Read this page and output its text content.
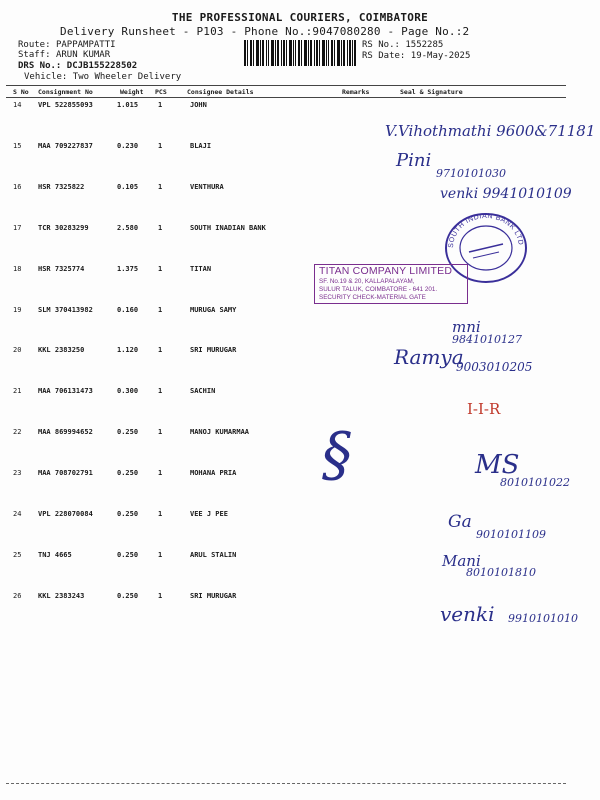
THE PROFESSIONAL COURIERS, COIMBATORE
Delivery Runsheet - P103 - Phone No.:9047080280 - Page No.:2
Route: PAPPAMPATTI
Staff: ARUN KUMAR
DRS No.: DCJB155228502
Vehicle: Two Wheeler Delivery
RS No.: 1552285
RS Date: 19-May-2025
S No Consignment No	Weight PCS	Consignee Details	Remarks	Seal & Signature
14 VPL 522855093	1.015	1	JOHN
15 MAA 709227837	0.230	1	BLAJI
16 HSR 7325822	0.105	1	VENTHURA
17 TCR 30283299	2.580	1	SOUTH INADIAN BANK
18 HSR 7325774	1.375	1	TITAN
19 SLM 370413982	0.160	1	MURUGA SAMY
20 KKL 2383250	1.120	1	SRI MURUGAR
21 MAA 706131473	0.300	1	SACHIN
22 MAA 869994652	0.250	1	MANOJ KUMARMAA
23 MAA 708702791	0.250	1	MOHANA PRIA
24 VPL 228070084	0.250	1	VEE J PEE
25 TNJ 4665	0.250	1	ARUL STALIN
26 KKL 2383243	0.250	1	SRI MURUGAR
V.Vihothmathi 9600&71181
Pini
9710101030
venki 9941010109
mni
9841010127
Ramya
9003010205
I-I-R
§	MS
8010101022
Ga
9010101109
Mani
8010101810
venki 9910101010
SOUTH INDIAN BANK LTD
TITAN COMPANY LIMITED
SF. No.19 & 20, KALLAPALAYAM,
SULUR TALUK, COIMBATORE - 641 201.
SECURITY CHECK-MATERIAL GATE
